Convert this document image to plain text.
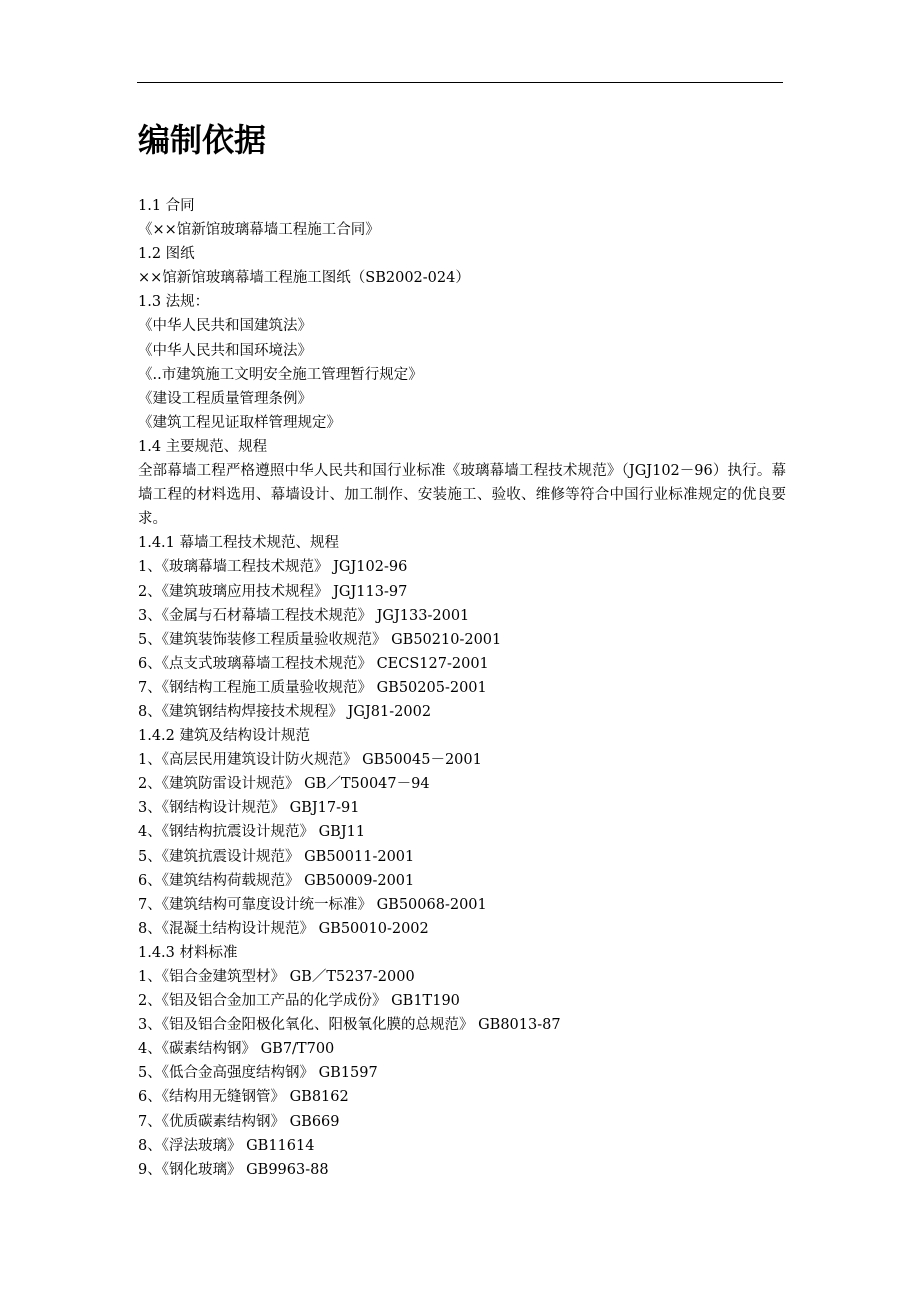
编制依据

1.1 合同

《××馆新馆玻璃幕墙工程施工合同》

1.2 图纸

××馆新馆玻璃幕墙工程施工图纸（SB2002-024）

1.3 法规：

《中华人民共和国建筑法》

《中华人民共和国环境法》

《..市建筑施工文明安全施工管理暂行规定》

《建设工程质量管理条例》

《建筑工程见证取样管理规定》

1.4 主要规范、规程

全部幕墙工程严格遵照中华人民共和国行业标准《玻璃幕墙工程技术规范》（JGJ102－96）执行。幕墙工程的材料选用、幕墙设计、加工制作、安装施工、验收、维修等符合中国行业标准规定的优良要求。

1.4.1 幕墙工程技术规范、规程

1、《玻璃幕墙工程技术规范》 JGJ102-96

2、《建筑玻璃应用技术规程》 JGJ113-97

3、《金属与石材幕墙工程技术规范》 JGJ133-2001

5、《建筑装饰装修工程质量验收规范》 GB50210-2001

6、《点支式玻璃幕墙工程技术规范》 CECS127-2001

7、《钢结构工程施工质量验收规范》 GB50205-2001

8、《建筑钢结构焊接技术规程》 JGJ81-2002

1.4.2 建筑及结构设计规范

1、《高层民用建筑设计防火规范》 GB50045－2001

2、《建筑防雷设计规范》 GB／T50047－94

3、《钢结构设计规范》 GBJ17-91

4、《钢结构抗震设计规范》 GBJ11

5、《建筑抗震设计规范》 GB50011-2001

6、《建筑结构荷载规范》 GB50009-2001

7、《建筑结构可靠度设计统一标准》 GB50068-2001

8、《混凝土结构设计规范》 GB50010-2002

1.4.3 材料标准

1、《铝合金建筑型材》 GB／T5237-2000

2、《铝及铝合金加工产品的化学成份》 GB1T190

3、《铝及铝合金阳极化氧化、阳极氧化膜的总规范》 GB8013-87

4、《碳素结构钢》 GB7/T700

5、《低合金高强度结构钢》 GB1597

6、《结构用无缝钢管》 GB8162

7、《优质碳素结构钢》 GB669

8、《浮法玻璃》 GB11614

9、《钢化玻璃》 GB9963-88
